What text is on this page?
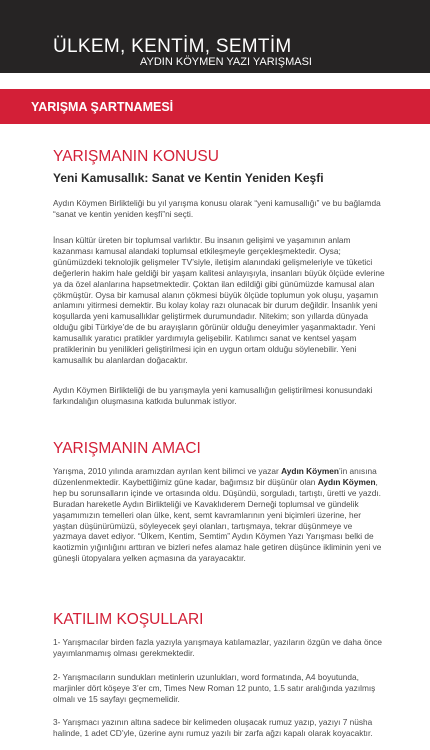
ÜLKEM, KENTİM, SEMTİM
AYDIN KÖYMEN YAZI YARIŞMASI
YARIŞMA ŞARTNAMESİ
YARIŞMANIN KONUSU
Yeni Kamusallık: Sanat ve Kentin Yeniden Keşfi

Aydın Köymen Birlikteliği bu yıl yarışma konusu olarak “yeni kamusallığı” ve bu bağlamda “sanat ve kentin yeniden keşfi”ni seçti.

İnsan kültür üreten bir toplumsal varlıktır. Bu insanın gelişimi ve yaşamının anlam kazanması kamusal alandaki toplumsal etkileşmeyle gerçekleşmektedir. Oysa; günümüzdeki teknolojik gelişmeler TV’siyle, iletişim alanındaki gelişmeleriyle ve tüketici değerlerin hakim hale geldiği bir yaşam kalitesi anlayışıyla, insanları büyük ölçüde evlerine ya da özel alanlarına hapsetmektedir. Çoktan ilan edildiği gibi günümüzde kamusal alan çökmüştür. Oysa bir kamusal alanın çökmesi büyük ölçüde toplumun yok oluşu, yaşamın anlamını yitirmesi demektir. Bu kolay kolay razı olunacak bir durum değildir. İnsanlık yeni koşullarda yeni kamusallıklar geliştirmek durumundadır. Nitekim; son yıllarda dünyada olduğu gibi Türkiye’de de bu arayışların görünür olduğu deneyimler yaşanmaktadır. Yeni kamusallık yaratıcı pratikler yardımıyla gelişebilir. Katılımcı sanat ve kentsel yaşam pratiklerinin bu yenilikleri geliştirilmesi için en uygun ortam olduğu söylenebilir. Yeni kamusallık bu alanlardan doğacaktır.

Aydın Köymen Birlikteliği de bu yarışmayla yeni kamusallığın geliştirilmesi konusundaki farkındalığın oluşmasına katkıda bulunmak istiyor.

YARIŞMANIN AMACI

Yarışma, 2010 yılında aramızdan ayrılan kent bilimci ve yazar Aydın Köymen’in anısına düzenlenmektedir. Kaybettiğimiz güne kadar, bağımsız bir düşünür olan Aydın Köymen, hep bu sorunsalların içinde ve ortasında oldu. Düşündü, sorguladı, tartıştı, üretti ve yazdı. Buradan hareketle Aydın Birlikteliği ve Kavaklıderem Derneği toplumsal ve gündelik yaşamımızın temelleri olan ülke, kent, semt kavramlarının yeni biçimleri üzerine, her yaştan düşünürümüzü, söyleyecek şeyi olanları, tartışmaya, tekrar düşünmeye ve yazmaya davet ediyor. “Ülkem, Kentim, Semtim” Aydın Köymen Yazı Yarışması belki de kaotizmin yığınlığını arttıran ve bizleri nefes alamaz hale getiren düşünce ikliminin yeni ve güneşli ütopyalara yelken açmasına da yarayacaktır.

KATILIM KOŞULLARI

1- Yarışmacılar birden fazla yazıyla yarışmaya katılamazlar, yazıların özgün ve daha önce yayımlanmamış olması gerekmektedir.

2- Yarışmacıların sundukları metinlerin uzunlukları, word formatında, A4 boyutunda, marjinler dört köşeye 3’er cm, Times New Roman 12 punto, 1.5 satır aralığında yazılmış olmalı ve 15 sayfayı geçmemelidir.

3- Yarışmacı yazının altına sadece bir kelimeden oluşacak rumuz yazıp, yazıyı 7 nüsha halinde, 1 adet CD’yle, üzerine aynı rumuz yazılı bir zarfa ağzı kapalı olarak koyacaktır.
